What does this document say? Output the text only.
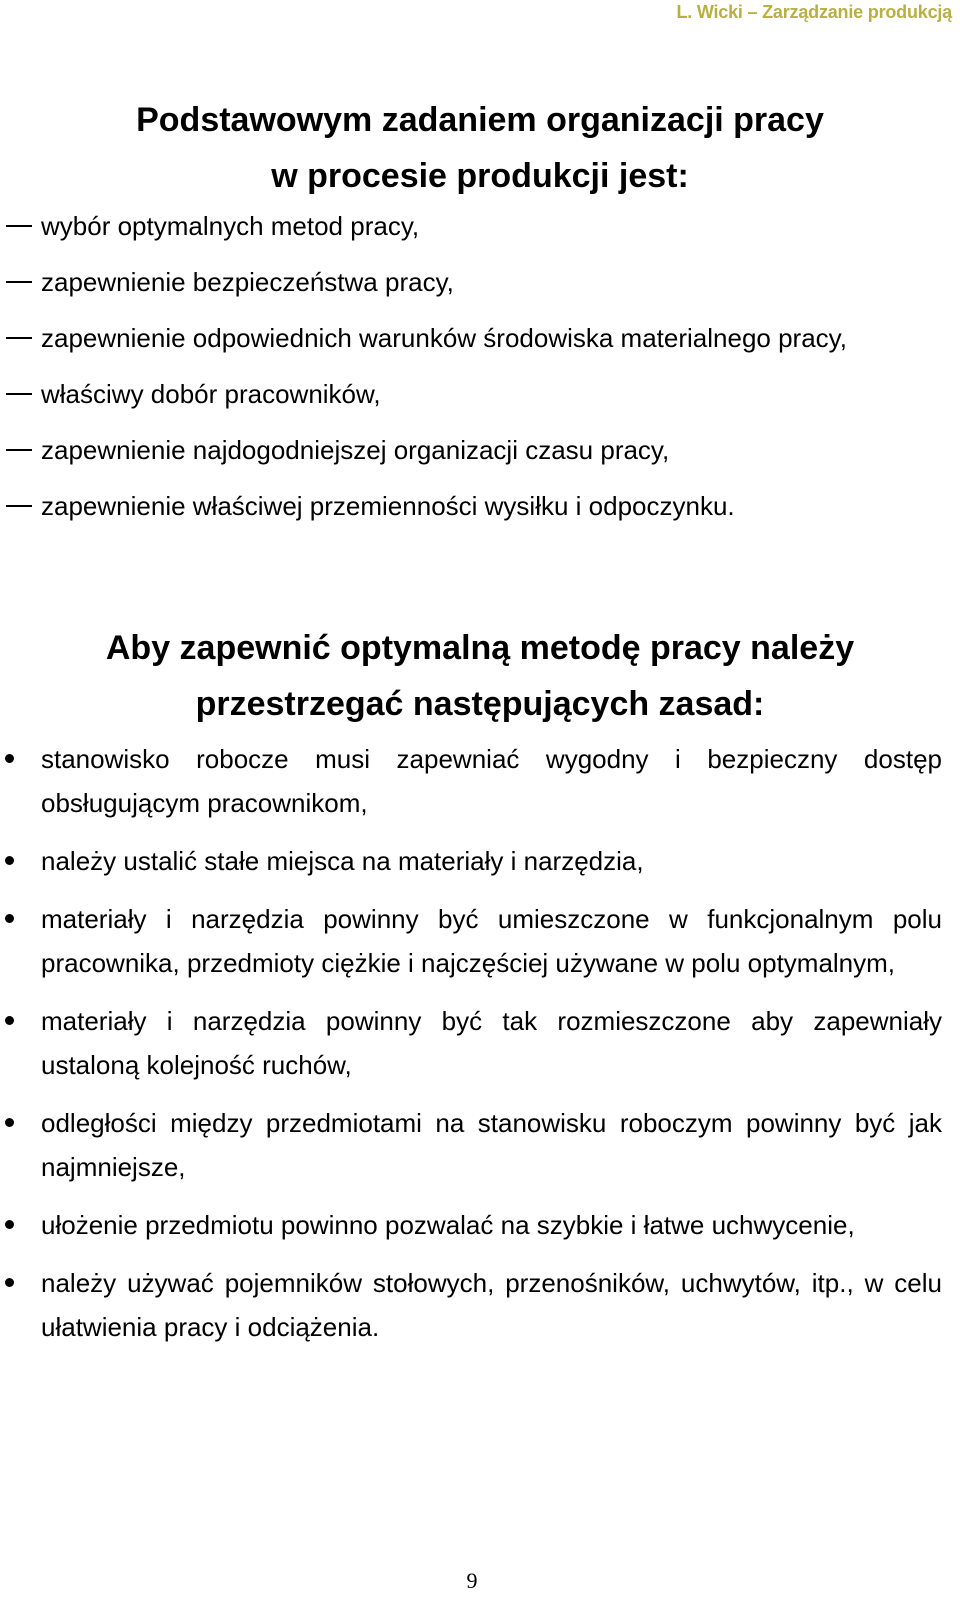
L. Wicki – Zarządzanie produkcją
Podstawowym zadaniem organizacji pracy
w procesie produkcji jest:
wybór optymalnych metod pracy,
zapewnienie bezpieczeństwa pracy,
zapewnienie odpowiednich warunków środowiska materialnego pracy,
właściwy dobór pracowników,
zapewnienie najdogodniejszej organizacji czasu pracy,
zapewnienie właściwej przemienności wysiłku i odpoczynku.
Aby zapewnić optymalną metodę pracy należy
przestrzegać następujących zasad:
stanowisko robocze musi zapewniać wygodny i bezpieczny dostęp obsługującym pracownikom,
należy ustalić stałe miejsca na materiały i narzędzia,
materiały i narzędzia powinny być umieszczone w funkcjonalnym polu pracownika, przedmioty ciężkie i najczęściej używane w polu optymalnym,
materiały i narzędzia powinny być tak rozmieszczone aby zapewniały ustaloną kolejność ruchów,
odległości między przedmiotami na stanowisku roboczym powinny być jak najmniejsze,
ułożenie przedmiotu powinno pozwalać na szybkie i łatwe uchwycenie,
należy używać pojemników stołowych, przenośników, uchwytów, itp., w celu ułatwienia pracy i odciążenia.
9
